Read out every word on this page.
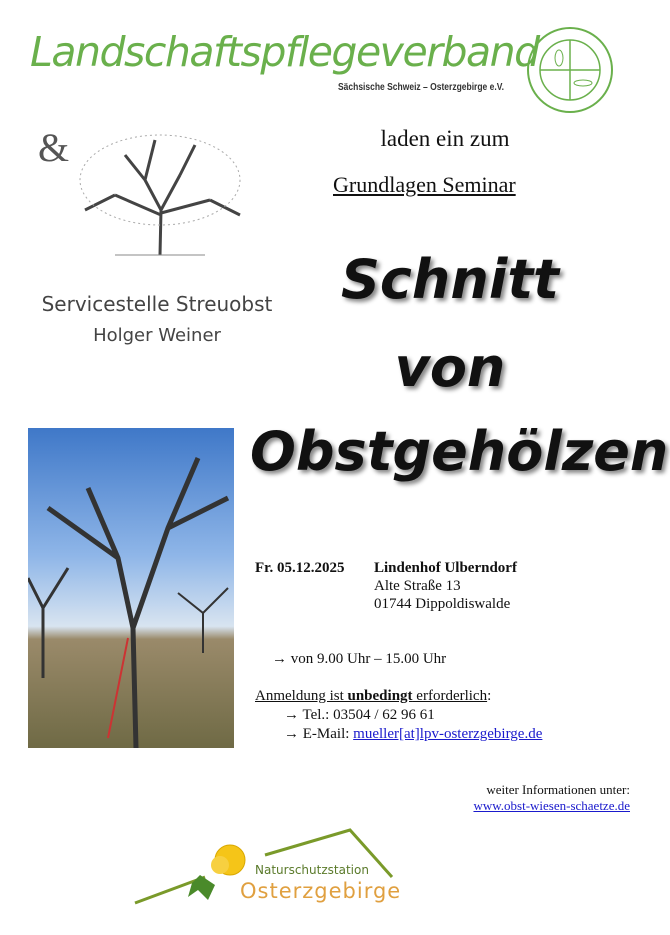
Landschaftspflegeverband
Sächsische Schweiz – Osterzgebirge e.V.
&	laden ein zum
Grundlagen Seminar
Servicestelle Streuobst
Holger Weiner
Schnitt
von
Obstgehölzen
Fr. 05.12.2025 Lindenhof Ulberndorf
Alte Straße 13
01744 Dippoldiswalde
→ von 9.00 Uhr – 15.00 Uhr
Anmeldung ist unbedingt erforderlich:
→ Tel.: 03504 / 62 96 61
→ E-Mail: mueller[at]lpv-osterzgebirge.de
weiter Informationen unter:
www.obst-wiesen-schaetze.de
Naturschutzstation
Osterzgebirge
